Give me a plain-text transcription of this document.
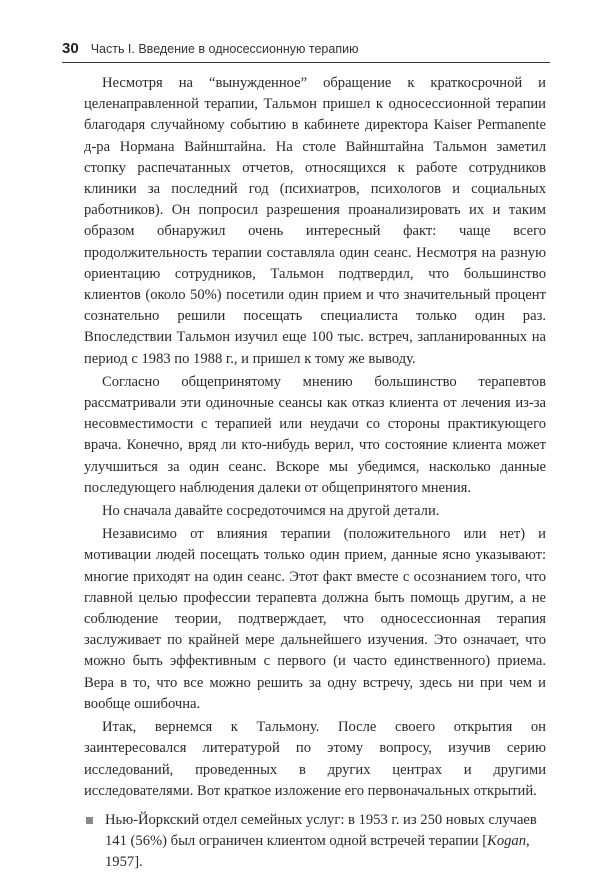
30 Часть I. Введение в односессионную терапию

Несмотря на “вынужденное” обращение к краткосрочной и целенаправленной терапии, Тальмон пришел к односессионной терапии благодаря случайному событию в кабинете директора Kaiser Permanente д-ра Нормана Вайнштайна. На столе Вайнштайна Тальмон заметил стопку распечатанных отчетов, относящихся к работе сотрудников клиники за последний год (психиатров, психологов и социальных работников). Он попросил разрешения проанализировать их и таким образом обнаружил очень интересный факт: чаще всего продолжительность терапии составляла один сеанс. Несмотря на разную ориентацию сотрудников, Тальмон подтвердил, что большинство клиентов (около 50%) посетили один прием и что значительный процент сознательно решили посещать специалиста только один раз. Впоследствии Тальмон изучил еще 100 тыс. встреч, запланированных на период с 1983 по 1988 г., и пришел к тому же выводу.

Согласно общепринятому мнению большинство терапевтов рассматривали эти одиночные сеансы как отказ клиента от лечения из-за несовместимости с терапией или неудачи со стороны практикующего врача. Конечно, вряд ли кто-нибудь верил, что состояние клиента может улучшиться за один сеанс. Вскоре мы убедимся, насколько данные последующего наблюдения далеки от общепринятого мнения.

Но сначала давайте сосредоточимся на другой детали.

Независимо от влияния терапии (положительного или нет) и мотивации людей посещать только один прием, данные ясно указывают: многие приходят на один сеанс. Этот факт вместе с осознанием того, что главной целью профессии терапевта должна быть помощь другим, а не соблюдение теории, подтверждает, что односессионная терапия заслуживает по крайней мере дальнейшего изучения. Это означает, что можно быть эффективным с первого (и часто единственного) приема. Вера в то, что все можно решить за одну встречу, здесь ни при чем и вообще ошибочна.

Итак, вернемся к Тальмону. После своего открытия он заинтересовался литературой по этому вопросу, изучив серию исследований, проведенных в других центрах и другими исследователями. Вот краткое изложение его первоначальных открытий.

Нью-Йоркский отдел семейных услуг: в 1953 г. из 250 новых случаев 141 (56%) был ограничен клиентом одной встречей терапии [Kogan, 1957].
